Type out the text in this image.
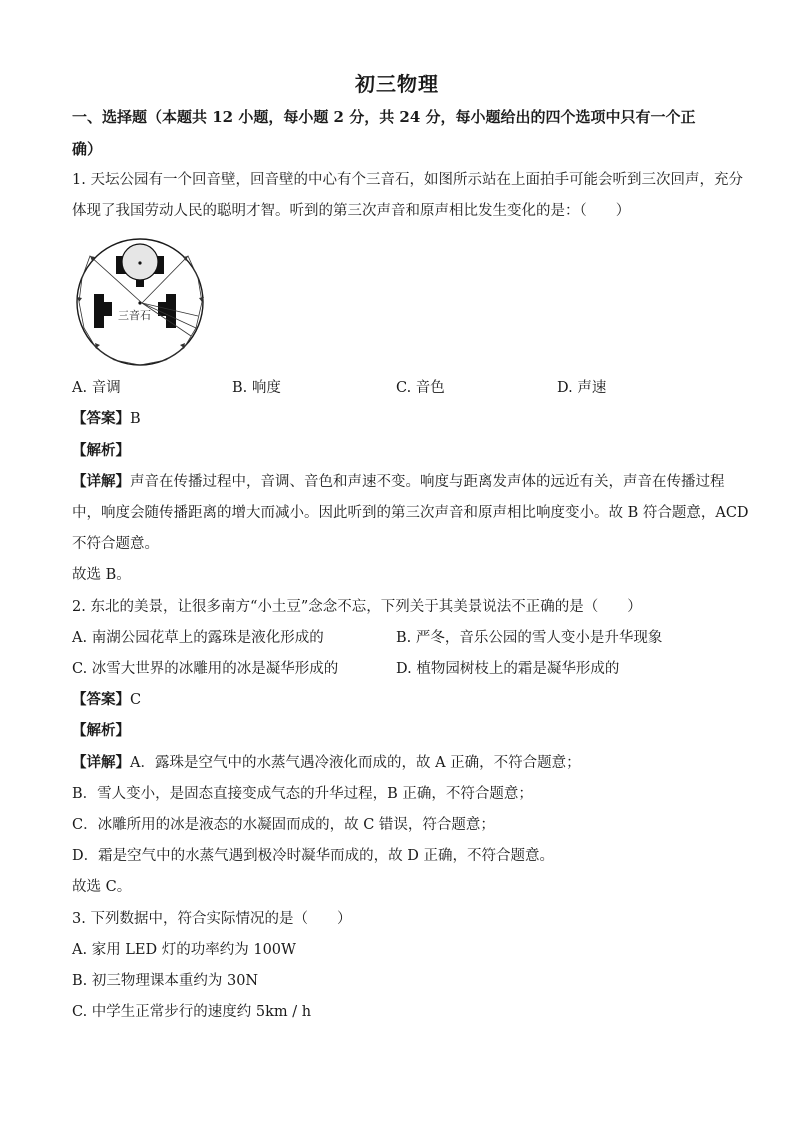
初三物理
一、选择题（本题共 12 小题，每小题 2 分，共 24 分，每小题给出的四个选项中只有一个正
确）
1. 天坛公园有一个回音壁，回音壁的中心有个三音石，如图所示站在上面拍手可能会听到三次回声，充分
体现了我国劳动人民的聪明才智。听到的第三次声音和原声相比发生变化的是：（　　）
三音石
A. 音调	B. 响度	C. 音色	D. 声速
【答案】B
【解析】
【详解】声音在传播过程中，音调、音色和声速不变。响度与距离发声体的远近有关，声音在传播过程
中，响度会随传播距离的增大而减小。因此听到的第三次声音和原声相比响度变小。故 B 符合题意，ACD
不符合题意。
故选 B。
2. 东北的美景，让很多南方“小土豆”念念不忘，下列关于其美景说法不正确的是（　　）
A. 南湖公园花草上的露珠是液化形成的	B. 严冬，音乐公园的雪人变小是升华现象
C. 冰雪大世界的冰雕用的冰是凝华形成的	D. 植物园树枝上的霜是凝华形成的
【答案】C
【解析】
【详解】A．露珠是空气中的水蒸气遇冷液化而成的，故 A 正确，不符合题意；
B．雪人变小，是固态直接变成气态的升华过程，B 正确，不符合题意；
C．冰雕所用的冰是液态的水凝固而成的，故 C 错误，符合题意；
D．霜是空气中的水蒸气遇到极冷时凝华而成的，故 D 正确，不符合题意。
故选 C。
3. 下列数据中，符合实际情况的是（　　）
A. 家用 LED 灯的功率约为 100W
B. 初三物理课本重约为 30N
C. 中学生正常步行的速度约 5km / h
